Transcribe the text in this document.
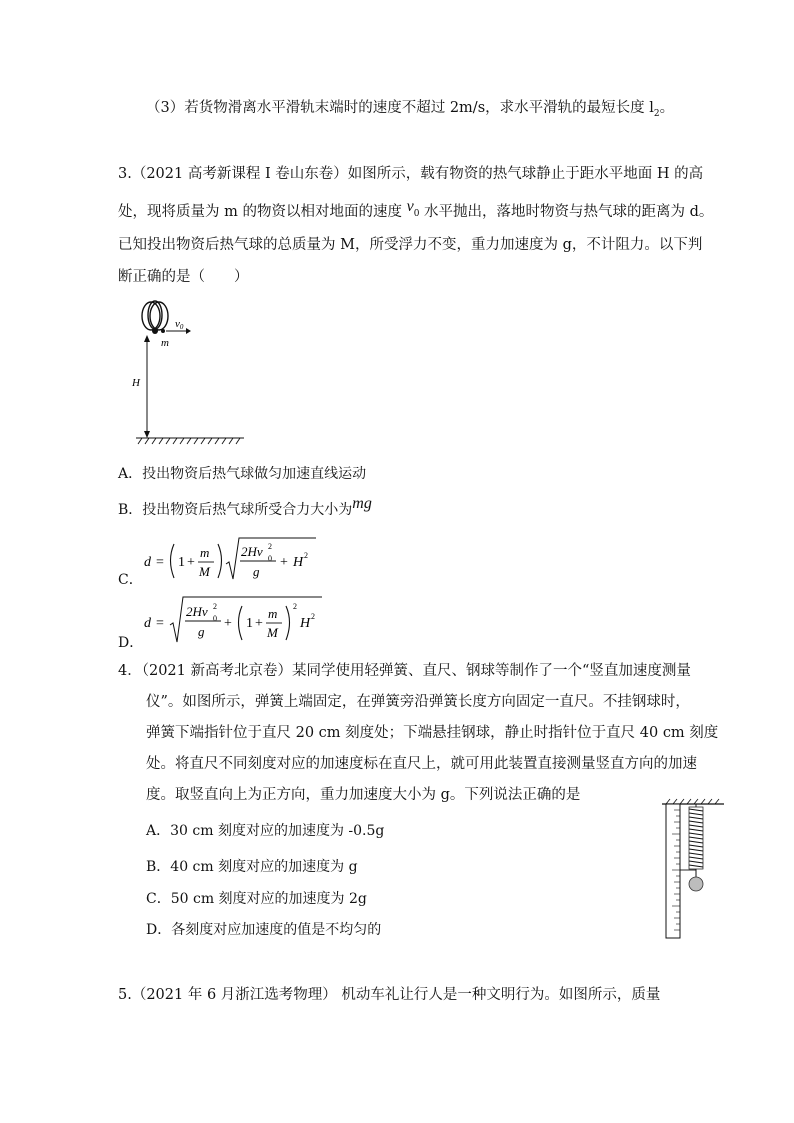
（3）若货物滑离水平滑轨末端时的速度不超过 2m/s，求水平滑轨的最短长度 $l_2$。
3.（2021 高考新课程 I 卷山东卷）如图所示，载有物资的热气球静止于距水平地面 H 的高
处，现将质量为 m 的物资以相对地面的速度 $v_0$ 水平抛出，落地时物资与热气球的距离为 d。
已知投出物资后热气球的总质量为 M，所受浮力不变，重力加速度为 g，不计阻力。以下判
断正确的是（　　）
v0
m
H
A．投出物资后热气球做匀加速直线运动
B．投出物资后热气球所受合力大小为mg
C．
d = 1 +
m
M
2Hv 0
2
g
+ H 2
D．
d =
2Hv 0
2
g
+ 1 +
m
M
2
H 2
4．（2021 新高考北京卷）某同学使用轻弹簧、直尺、钢球等制作了一个“竖直加速度测量
仪”。如图所示，弹簧上端固定，在弹簧旁沿弹簧长度方向固定一直尺。不挂钢球时，
弹簧下端指针位于直尺 20 cm 刻度处；下端悬挂钢球，静止时指针位于直尺 40 cm 刻度
处。将直尺不同刻度对应的加速度标在直尺上，就可用此装置直接测量竖直方向的加速
度。取竖直向上为正方向，重力加速度大小为 g。下列说法正确的是
A．30 cm 刻度对应的加速度为 -0.5g
B．40 cm 刻度对应的加速度为 g
C．50 cm 刻度对应的加速度为 2g
D．各刻度对应加速度的值是不均匀的
5.（2021 年 6 月浙江选考物理） 机动车礼让行人是一种文明行为。如图所示，质量
